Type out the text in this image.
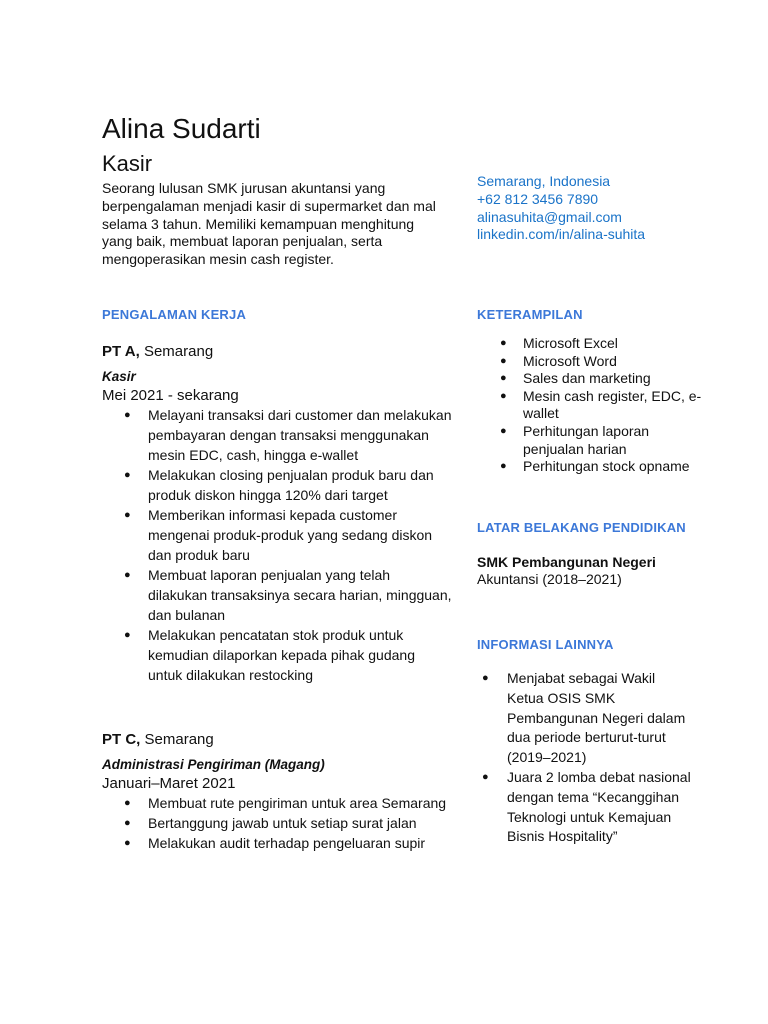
Alina Sudarti
Kasir

Seorang lulusan SMK jurusan akuntansi yang berpengalaman menjadi kasir di supermarket dan mal selama 3 tahun. Memiliki kemampuan menghitung yang baik, membuat laporan penjualan, serta mengoperasikan mesin cash register.

Semarang, Indonesia
+62 812 3456 7890
alinasuhita@gmail.com
linkedin.com/in/alina-suhita
PENGALAMAN KERJA
PT A, Semarang
Kasir
Mei 2021 - sekarang
● Melayani transaksi dari customer dan melakukan pembayaran dengan transaksi menggunakan mesin EDC, cash, hingga e-wallet
● Melakukan closing penjualan produk baru dan produk diskon hingga 120% dari target
● Memberikan informasi kepada customer mengenai produk-produk yang sedang diskon dan produk baru
● Membuat laporan penjualan yang telah dilakukan transaksinya secara harian, mingguan, dan bulanan
● Melakukan pencatatan stok produk untuk kemudian dilaporkan kepada pihak gudang untuk dilakukan restocking
PT C, Semarang
Administrasi Pengiriman (Magang)
Januari–Maret 2021
● Membuat rute pengiriman untuk area Semarang
● Bertanggung jawab untuk setiap surat jalan
● Melakukan audit terhadap pengeluaran supir
KETERAMPILAN
● Microsoft Excel
● Microsoft Word
● Sales dan marketing
● Mesin cash register, EDC, e-wallet
● Perhitungan laporan penjualan harian
● Perhitungan stock opname
LATAR BELAKANG PENDIDIKAN
SMK Pembangunan Negeri
Akuntansi (2018–2021)
INFORMASI LAINNYA
● Menjabat sebagai Wakil Ketua OSIS SMK Pembangunan Negeri dalam dua periode berturut-turut (2019–2021)
● Juara 2 lomba debat nasional dengan tema “Kecanggihan Teknologi untuk Kemajuan Bisnis Hospitality”
